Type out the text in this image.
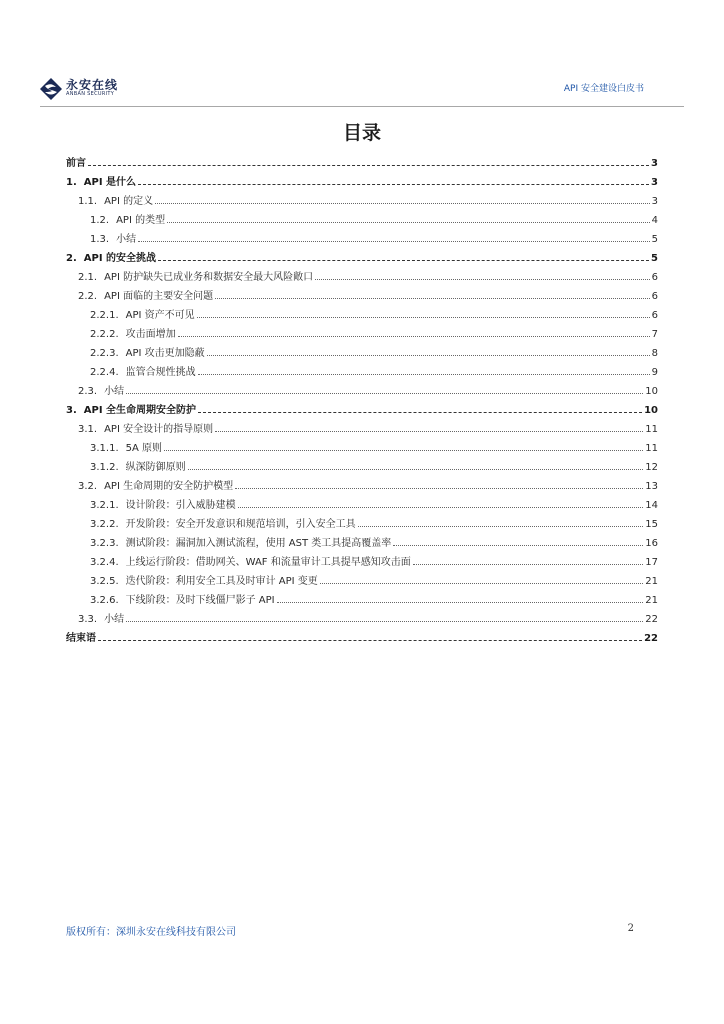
永安在线
ANBAN SECURITY	API 安全建设白皮书
目录
前言	3
1. API 是什么	3
1.1. API 的定义	3
1.2. API 的类型	4
1.3. 小结	5
2. API 的安全挑战	5
2.1. API 防护缺失已成业务和数据安全最大风险敞口	6
2.2. API 面临的主要安全问题	6
2.2.1. API 资产不可见	6
2.2.2. 攻击面增加	7
2.2.3. API 攻击更加隐蔽	8
2.2.4. 监管合规性挑战	9
2.3. 小结	10
3. API 全生命周期安全防护	10
3.1. API 安全设计的指导原则	11
3.1.1. 5A 原则	11
3.1.2. 纵深防御原则	12
3.2. API 生命周期的安全防护模型	13
3.2.1. 设计阶段：引入威胁建模	14
3.2.2. 开发阶段：安全开发意识和规范培训，引入安全工具	15
3.2.3. 测试阶段：漏洞加入测试流程，使用 AST 类工具提高覆盖率	16
3.2.4. 上线运行阶段：借助网关、WAF 和流量审计工具提早感知攻击面	17
3.2.5. 迭代阶段：利用安全工具及时审计 API 变更	21
3.2.6. 下线阶段：及时下线僵尸影子 API	21
3.3. 小结	22
结束语	22
版权所有：深圳永安在线科技有限公司	2
